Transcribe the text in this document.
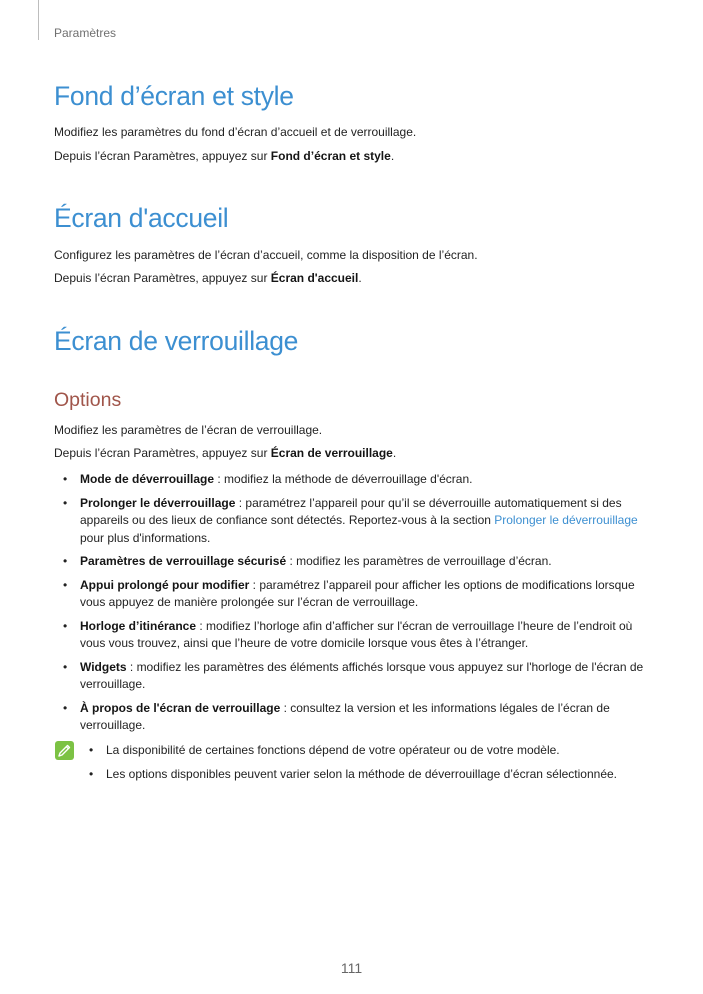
Paramètres
Fond d’écran et style

Modifiez les paramètres du fond d’écran d’accueil et de verrouillage.

Depuis l’écran Paramètres, appuyez sur Fond d’écran et style.

Écran d'accueil

Configurez les paramètres de l’écran d’accueil, comme la disposition de l’écran.

Depuis l’écran Paramètres, appuyez sur Écran d'accueil.

Écran de verrouillage
Options

Modifiez les paramètres de l’écran de verrouillage.

Depuis l’écran Paramètres, appuyez sur Écran de verrouillage.

• Mode de déverrouillage : modifiez la méthode de déverrouillage d'écran.
• Prolonger le déverrouillage : paramétrez l’appareil pour qu’il se déverrouille automatiquement si des appareils ou des lieux de confiance sont détectés. Reportez-vous à la section Prolonger le déverrouillage pour plus d'informations.
• Paramètres de verrouillage sécurisé : modifiez les paramètres de verrouillage d’écran.
• Appui prolongé pour modifier : paramétrez l’appareil pour afficher les options de modifications lorsque vous appuyez de manière prolongée sur l’écran de verrouillage.
• Horloge d’itinérance : modifiez l’horloge afin d’afficher sur l'écran de verrouillage l’heure de l’endroit où vous vous trouvez, ainsi que l’heure de votre domicile lorsque vous êtes à l’étranger.
• Widgets : modifiez les paramètres des éléments affichés lorsque vous appuyez sur l'horloge de l'écran de verrouillage.
• À propos de l'écran de verrouillage : consultez la version et les informations légales de l’écran de verrouillage.
• La disponibilité de certaines fonctions dépend de votre opérateur ou de votre modèle.
• Les options disponibles peuvent varier selon la méthode de déverrouillage d’écran sélectionnée.
111
